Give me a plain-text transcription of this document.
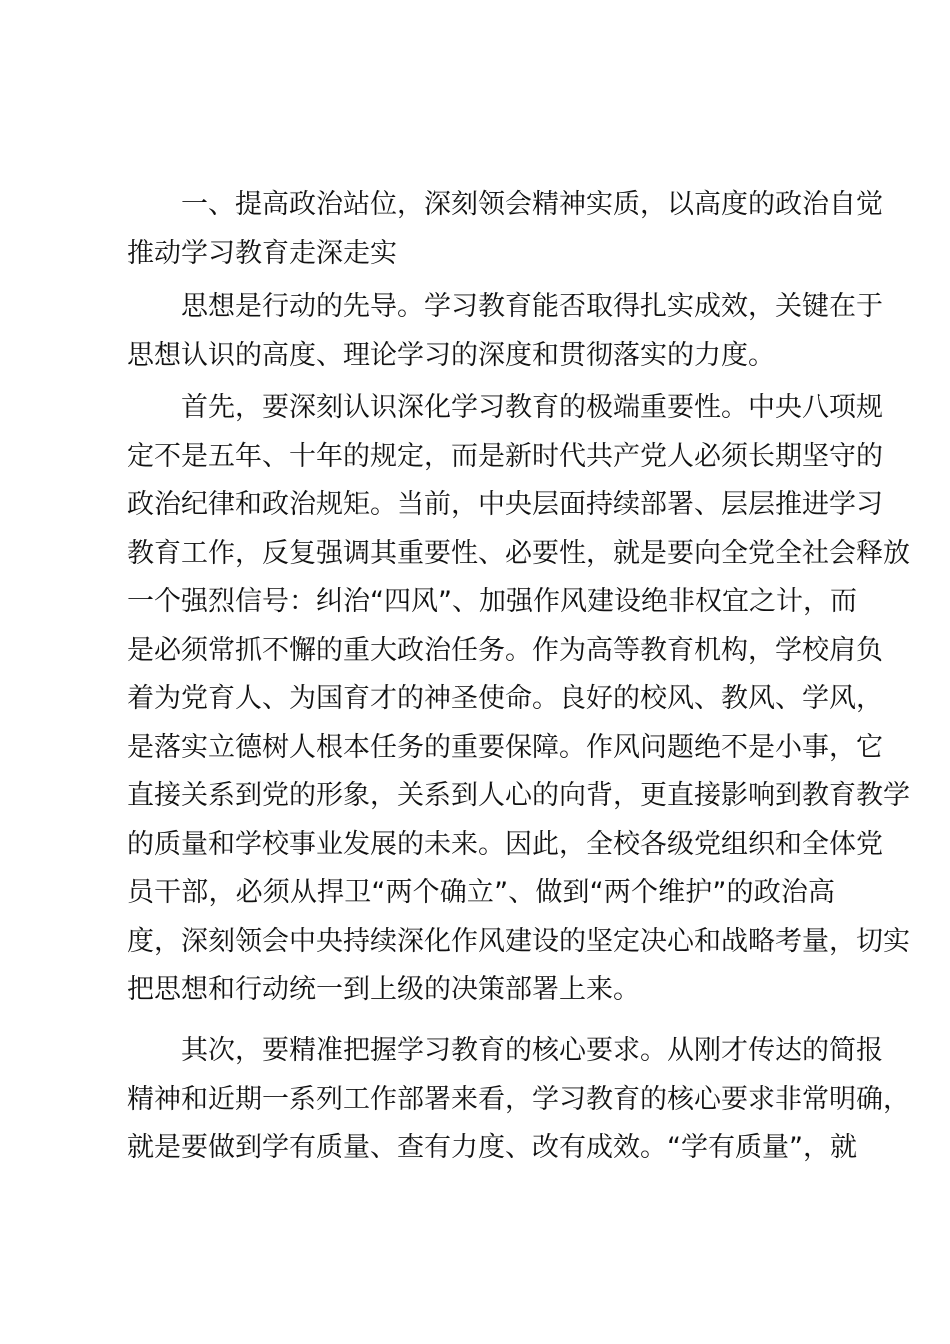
一、提高政治站位，深刻领会精神实质，以高度的政治自觉
推动学习教育走深走实
思想是行动的先导。学习教育能否取得扎实成效，关键在于
思想认识的高度、理论学习的深度和贯彻落实的力度。
首先，要深刻认识深化学习教育的极端重要性。中央八项规
定不是五年、十年的规定，而是新时代共产党人必须长期坚守的
政治纪律和政治规矩。当前，中央层面持续部署、层层推进学习
教育工作，反复强调其重要性、必要性，就是要向全党全社会释放
一个强烈信号：纠治“四风”、加强作风建设绝非权宜之计，而
是必须常抓不懈的重大政治任务。作为高等教育机构，学校肩负
着为党育人、为国育才的神圣使命。良好的校风、教风、学风，
是落实立德树人根本任务的重要保障。作风问题绝不是小事，它
直接关系到党的形象，关系到人心的向背，更直接影响到教育教学
的质量和学校事业发展的未来。因此，全校各级党组织和全体党
员干部，必须从捍卫“两个确立”、做到“两个维护”的政治高
度，深刻领会中央持续深化作风建设的坚定决心和战略考量，切实
把思想和行动统一到上级的决策部署上来。
其次，要精准把握学习教育的核心要求。从刚才传达的简报
精神和近期一系列工作部署来看，学习教育的核心要求非常明确，
就是要做到学有质量、查有力度、改有成效。“学有质量”，就
